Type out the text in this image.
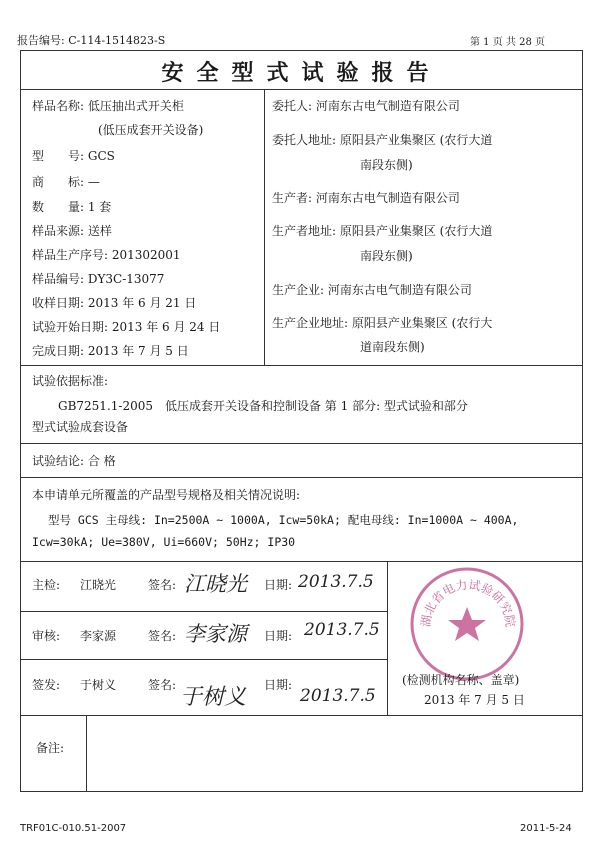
报告编号: C-114-1514823-S	第 1 页 共 28 页
安全型式试验报告
样品名称: 低压抽出式开关柜
(低压成套开关设备)
型　　号: GCS
商　　标: —
数　　量: 1 套
样品来源: 送样
样品生产序号: 201302001
样品编号: DY3C-13077
收样日期: 2013 年 6 月 21 日
试验开始日期: 2013 年 6 月 24 日
完成日期: 2013 年 7 月 5 日
委托人: 河南东古电气制造有限公司
委托人地址: 原阳县产业集聚区 (农行大道
南段东侧)
生产者: 河南东古电气制造有限公司
生产者地址: 原阳县产业集聚区 (农行大道
南段东侧)
生产企业: 河南东古电气制造有限公司
生产企业地址: 原阳县产业集聚区 (农行大
道南段东侧)
试验依据标准:
GB7251.1-2005　低压成套开关设备和控制设备 第 1 部分: 型式试验和部分
型式试验成套设备
试验结论: 合 格
本申请单元所覆盖的产品型号规格及相关情况说明:
型号 GCS 主母线: In=2500A ~ 1000A, Icw=50kA; 配电母线: In=1000A ~ 400A,
Icw=30kA; Ue=380V, Ui=660V; 50Hz; IP30
主检: 江晓光	签名: 江晓光 日期: 2013.7.5
审核: 李家源	签名: 李家源 日期: 2013.7.5
签发: 于树义	签名: 于树义 日期:
2013.7.5
湖北省电力试验研究院
(检测机构名称、盖章)
2013 年 7 月 5 日
备注:
TRF01C-010.51-2007	2011-5-24
